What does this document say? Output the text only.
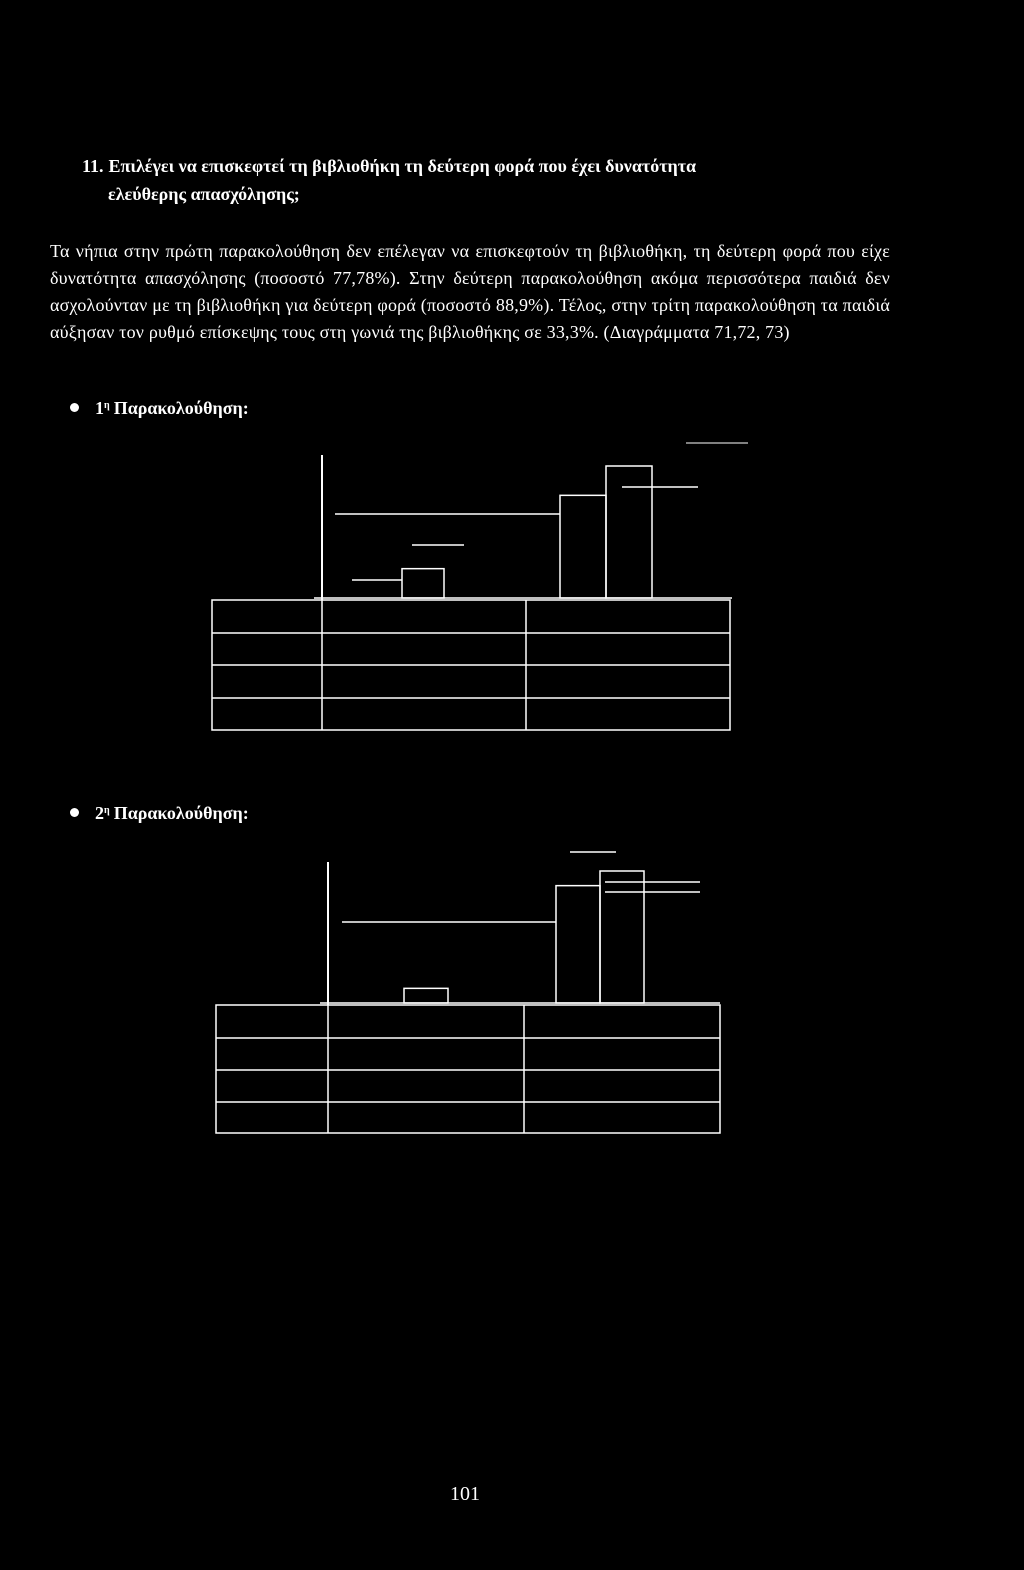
11. Επιλέγει να επισκεφτεί τη βιβλιοθήκη τη δεύτερη φορά που έχει δυνατότητα
ελεύθερης απασχόλησης;

Τα νήπια στην πρώτη παρακολούθηση δεν επέλεγαν να επισκεφτούν τη βιβλιοθήκη, τη δεύτερη φορά που είχε δυνατότητα απασχόλησης (ποσοστό 77,78%). Στην δεύτερη παρακολούθηση ακόμα περισσότερα παιδιά δεν ασχολούνταν με τη βιβλιοθήκη για δεύτερη φορά (ποσοστό 88,9%). Τέλος, στην τρίτη παρακολούθηση τα παιδιά αύξησαν τον ρυθμό επίσκεψης τους στη γωνιά της βιβλιοθήκης σε 33,3%. (Διαγράμματα 71,72, 73)

$1^\eta$ Παρακολούθηση:
$2^\eta$ Παρακολούθηση:

101
